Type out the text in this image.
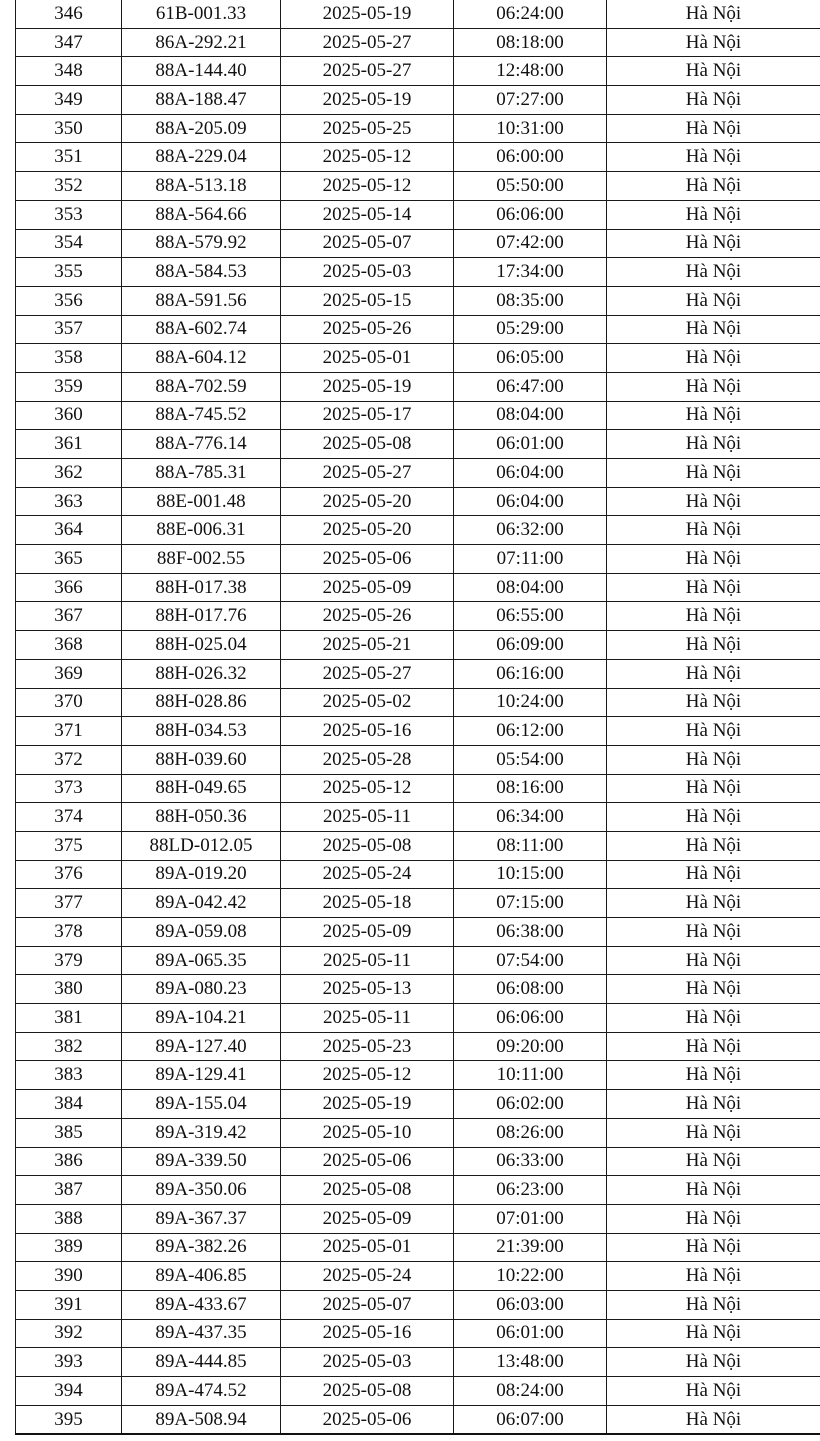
346	61B-001.33	2025-05-19	06:24:00	Hà Nội
347	86A-292.21	2025-05-27	08:18:00	Hà Nội
348	88A-144.40	2025-05-27	12:48:00	Hà Nội
349	88A-188.47	2025-05-19	07:27:00	Hà Nội
350	88A-205.09	2025-05-25	10:31:00	Hà Nội
351	88A-229.04	2025-05-12	06:00:00	Hà Nội
352	88A-513.18	2025-05-12	05:50:00	Hà Nội
353	88A-564.66	2025-05-14	06:06:00	Hà Nội
354	88A-579.92	2025-05-07	07:42:00	Hà Nội
355	88A-584.53	2025-05-03	17:34:00	Hà Nội
356	88A-591.56	2025-05-15	08:35:00	Hà Nội
357	88A-602.74	2025-05-26	05:29:00	Hà Nội
358	88A-604.12	2025-05-01	06:05:00	Hà Nội
359	88A-702.59	2025-05-19	06:47:00	Hà Nội
360	88A-745.52	2025-05-17	08:04:00	Hà Nội
361	88A-776.14	2025-05-08	06:01:00	Hà Nội
362	88A-785.31	2025-05-27	06:04:00	Hà Nội
363	88E-001.48	2025-05-20	06:04:00	Hà Nội
364	88E-006.31	2025-05-20	06:32:00	Hà Nội
365	88F-002.55	2025-05-06	07:11:00	Hà Nội
366	88H-017.38	2025-05-09	08:04:00	Hà Nội
367	88H-017.76	2025-05-26	06:55:00	Hà Nội
368	88H-025.04	2025-05-21	06:09:00	Hà Nội
369	88H-026.32	2025-05-27	06:16:00	Hà Nội
370	88H-028.86	2025-05-02	10:24:00	Hà Nội
371	88H-034.53	2025-05-16	06:12:00	Hà Nội
372	88H-039.60	2025-05-28	05:54:00	Hà Nội
373	88H-049.65	2025-05-12	08:16:00	Hà Nội
374	88H-050.36	2025-05-11	06:34:00	Hà Nội
375	88LD-012.05	2025-05-08	08:11:00	Hà Nội
376	89A-019.20	2025-05-24	10:15:00	Hà Nội
377	89A-042.42	2025-05-18	07:15:00	Hà Nội
378	89A-059.08	2025-05-09	06:38:00	Hà Nội
379	89A-065.35	2025-05-11	07:54:00	Hà Nội
380	89A-080.23	2025-05-13	06:08:00	Hà Nội
381	89A-104.21	2025-05-11	06:06:00	Hà Nội
382	89A-127.40	2025-05-23	09:20:00	Hà Nội
383	89A-129.41	2025-05-12	10:11:00	Hà Nội
384	89A-155.04	2025-05-19	06:02:00	Hà Nội
385	89A-319.42	2025-05-10	08:26:00	Hà Nội
386	89A-339.50	2025-05-06	06:33:00	Hà Nội
387	89A-350.06	2025-05-08	06:23:00	Hà Nội
388	89A-367.37	2025-05-09	07:01:00	Hà Nội
389	89A-382.26	2025-05-01	21:39:00	Hà Nội
390	89A-406.85	2025-05-24	10:22:00	Hà Nội
391	89A-433.67	2025-05-07	06:03:00	Hà Nội
392	89A-437.35	2025-05-16	06:01:00	Hà Nội
393	89A-444.85	2025-05-03	13:48:00	Hà Nội
394	89A-474.52	2025-05-08	08:24:00	Hà Nội
395	89A-508.94	2025-05-06	06:07:00	Hà Nội
